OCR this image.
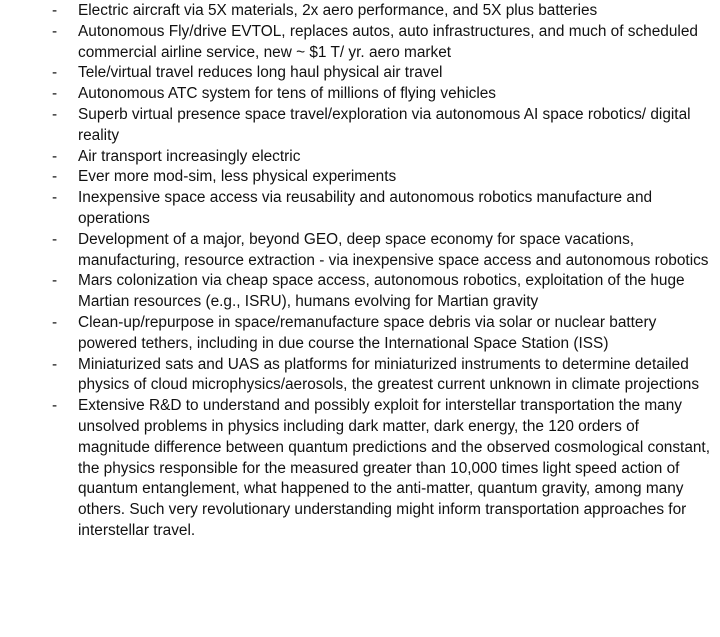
- Electric aircraft via 5X materials, 2x aero performance, and 5X plus batteries
- Autonomous Fly/drive EVTOL, replaces autos, auto infrastructures, and much of scheduled commercial airline service, new ~ $1 T/ yr. aero market
- Tele/virtual travel reduces long haul physical air travel
- Autonomous ATC system for tens of millions of flying vehicles
- Superb virtual presence space travel/exploration via autonomous AI space robotics/ digital reality
- Air transport increasingly electric
- Ever more mod-sim, less physical experiments
- Inexpensive space access via reusability and autonomous robotics manufacture and operations
- Development of a major, beyond GEO, deep space economy for space vacations, manufacturing, resource extraction - via inexpensive space access and autonomous robotics
- Mars colonization via cheap space access, autonomous robotics, exploitation of the huge Martian resources (e.g., ISRU), humans evolving for Martian gravity
- Clean-up/repurpose in space/remanufacture space debris via solar or nuclear battery powered tethers, including in due course the International Space Station (ISS)
- Miniaturized sats and UAS as platforms for miniaturized instruments to determine detailed physics of cloud microphysics/aerosols, the greatest current unknown in climate projections
- Extensive R&D to understand and possibly exploit for interstellar transportation the many unsolved problems in physics including dark matter, dark energy, the 120 orders of magnitude difference between quantum predictions and the observed cosmological constant, the physics responsible for the measured greater than 10,000 times light speed action of quantum entanglement, what happened to the anti-matter, quantum gravity, among many others. Such very revolutionary understanding might inform transportation approaches for interstellar travel.
